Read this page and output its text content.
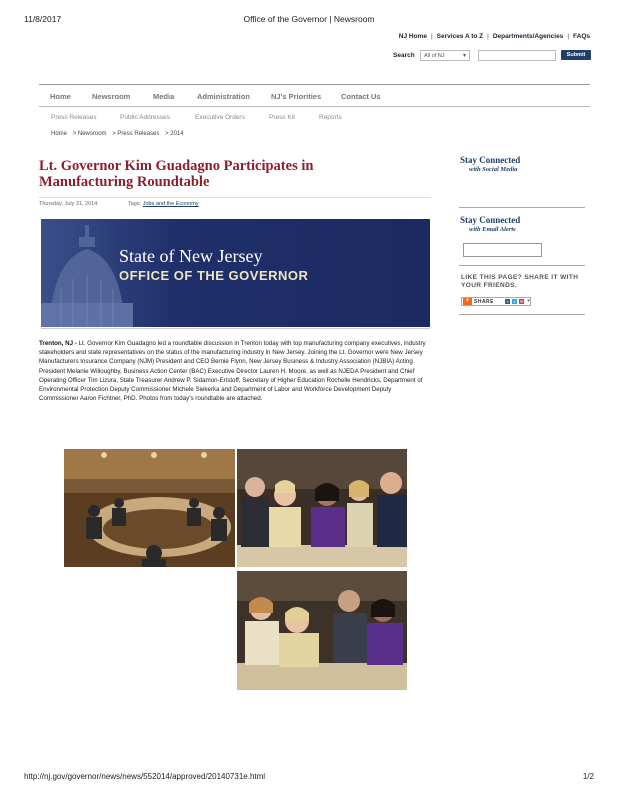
11/8/2017	Office of the Governor | Newsroom
NJ Home | Services A to Z | Departments/Agencies | FAQs
Search	All of NJ	▾	Submit
Home	Newsroom	Media	Administration	NJ's Priorities	Contact Us
Press Releases	Public Addresses	Executive Orders	Press Kit	Reports
Home > Newsroom > Press Releases > 2014
Lt. Governor Kim Guadagno Participates in Manufacturing Roundtable
Thursday, July 31, 2014	Tags: Jobs and the Economy
State of New Jersey
OFFICE OF THE GOVERNOR

Trenton, NJ - Lt. Governor Kim Guadagno led a roundtable discussion in Trenton today with top manufacturing company executives, industry stakeholders and state representatives on the status of the manufacturing industry in New Jersey. Joining the Lt. Governor were New Jersey Manufacturers Insurance Company (NJM) President and CEO Bernie Flynn, New Jersey Business & Industry Association (NJBIA) Acting President Melanie Willoughby, Business Action Center (BAC) Executive Director Lauren H. Moore, as well as NJEDA President and Chief Operating Officer Tim Lizura, State Treasurer Andrew P. Sidamon-Eristoff, Secretary of Higher Education Rochelle Hendricks, Department of Environmental Protection Deputy Commissioner Michele Siekerka and Department of Labor and Workforce Development Deputy Commissioner Aaron Fichtner, PhD. Photos from today's roundtable are attached.

Stay Connected
with Social Media
Stay Connected
with Email Alerts
LIKE THIS PAGE? SHARE IT WITH YOUR FRIENDS.
+ SHARE	f	t	✉ ▾
http://nj.gov/governor/news/news/552014/approved/20140731e.html	1/2
